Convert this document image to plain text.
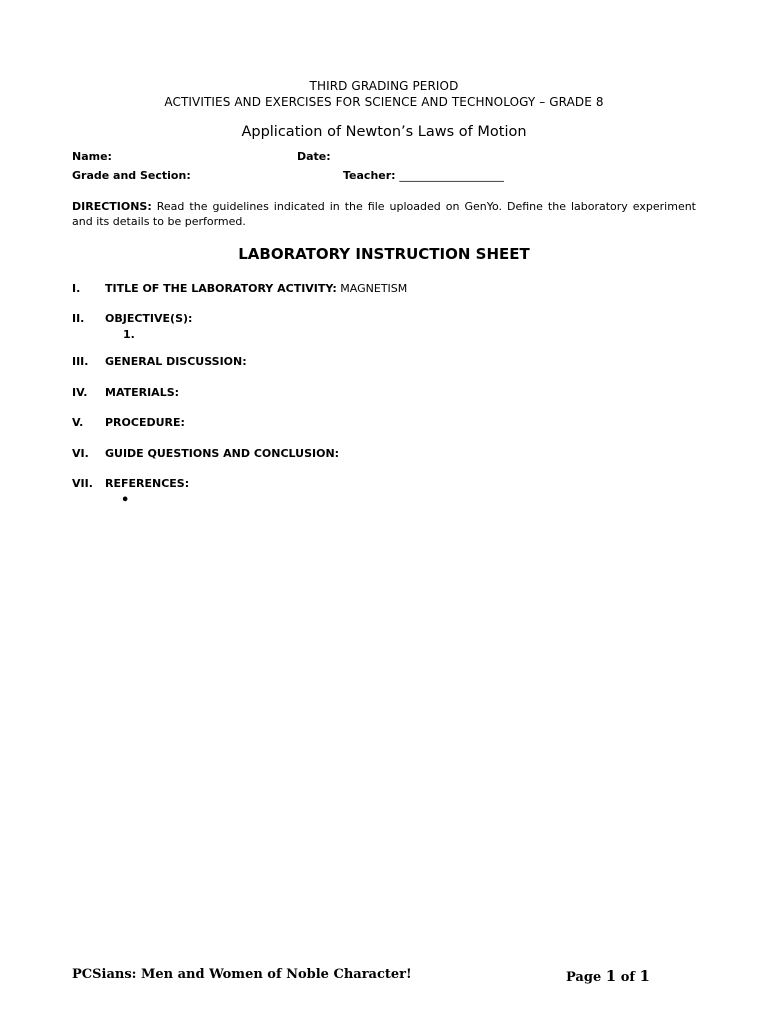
THIRD GRADING PERIOD
ACTIVITIES AND EXERCISES FOR SCIENCE AND TECHNOLOGY – GRADE 8
Application of Newton’s Laws of Motion
Name:	Date:
Grade and Section:	Teacher: ___________________
DIRECTIONS: Read the guidelines indicated in the file uploaded on GenYo. Define the laboratory experiment and its details to be performed.
LABORATORY INSTRUCTION SHEET
I. TITLE OF THE LABORATORY ACTIVITY: MAGNETISM
II. OBJECTIVE(S):
1.
III. GENERAL DISCUSSION:
IV. MATERIALS:
V. PROCEDURE:
VI. GUIDE QUESTIONS AND CONCLUSION:
VII. REFERENCES:
•
PCSians: Men and Women of Noble Character!	Page 1 of 1
